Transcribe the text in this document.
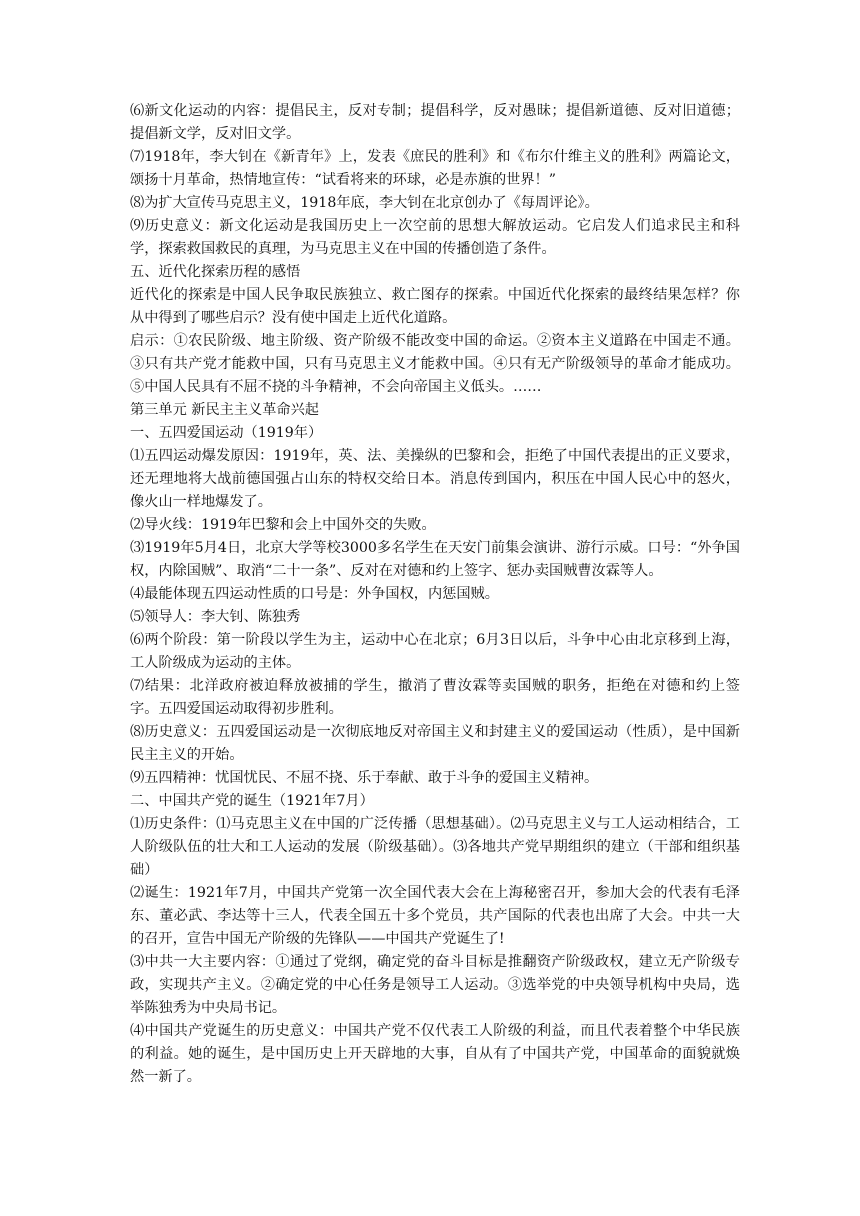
⑹新文化运动的内容：提倡民主，反对专制；提倡科学，反对愚昧；提倡新道德、反对旧道德；提倡新文学，反对旧文学。

⑺1918年，李大钊在《新青年》上，发表《庶民的胜利》和《布尔什维主义的胜利》两篇论文，颂扬十月革命，热情地宣传：“试看将来的环球，必是赤旗的世界！”

⑻为扩大宣传马克思主义，1918年底，李大钊在北京创办了《每周评论》。

⑼历史意义：新文化运动是我国历史上一次空前的思想大解放运动。它启发人们追求民主和科学，探索救国救民的真理，为马克思主义在中国的传播创造了条件。

五、近代化探索历程的感悟

近代化的探索是中国人民争取民族独立、救亡图存的探索。中国近代化探索的最终结果怎样？你从中得到了哪些启示？没有使中国走上近代化道路。

启示：①农民阶级、地主阶级、资产阶级不能改变中国的命运。②资本主义道路在中国走不通。③只有共产党才能救中国，只有马克思主义才能救中国。④只有无产阶级领导的革命才能成功。⑤中国人民具有不屈不挠的斗争精神，不会向帝国主义低头。……

第三单元 新民主主义革命兴起

一、五四爱国运动（1919年）

⑴五四运动爆发原因：1919年，英、法、美操纵的巴黎和会，拒绝了中国代表提出的正义要求，还无理地将大战前德国强占山东的特权交给日本。消息传到国内，积压在中国人民心中的怒火，像火山一样地爆发了。

⑵导火线：1919年巴黎和会上中国外交的失败。

⑶1919年5月4日，北京大学等校3000多名学生在天安门前集会演讲、游行示威。口号：“外争国权，内除国贼”、取消“二十一条”、反对在对德和约上签字、惩办卖国贼曹汝霖等人。

⑷最能体现五四运动性质的口号是：外争国权，内惩国贼。

⑸领导人：李大钊、陈独秀

⑹两个阶段：第一阶段以学生为主，运动中心在北京；6月3日以后，斗争中心由北京移到上海，工人阶级成为运动的主体。

⑺结果：北洋政府被迫释放被捕的学生，撤消了曹汝霖等卖国贼的职务，拒绝在对德和约上签字。五四爱国运动取得初步胜利。

⑻历史意义：五四爱国运动是一次彻底地反对帝国主义和封建主义的爱国运动（性质），是中国新民主主义的开始。

⑼五四精神：忧国忧民、不屈不挠、乐于奉献、敢于斗争的爱国主义精神。

二、中国共产党的诞生（1921年7月）

⑴历史条件：⑴马克思主义在中国的广泛传播（思想基础）。⑵马克思主义与工人运动相结合，工人阶级队伍的壮大和工人运动的发展（阶级基础）。⑶各地共产党早期组织的建立（干部和组织基础）

⑵诞生：1921年7月，中国共产党第一次全国代表大会在上海秘密召开，参加大会的代表有毛泽东、董必武、李达等十三人，代表全国五十多个党员，共产国际的代表也出席了大会。中共一大的召开，宣告中国无产阶级的先锋队——中国共产党诞生了!

⑶中共一大主要内容：①通过了党纲，确定党的奋斗目标是推翻资产阶级政权，建立无产阶级专政，实现共产主义。②确定党的中心任务是领导工人运动。③选举党的中央领导机构中央局，选举陈独秀为中央局书记。

⑷中国共产党诞生的历史意义：中国共产党不仅代表工人阶级的利益，而且代表着整个中华民族的利益。她的诞生，是中国历史上开天辟地的大事，自从有了中国共产党，中国革命的面貌就焕然一新了。
